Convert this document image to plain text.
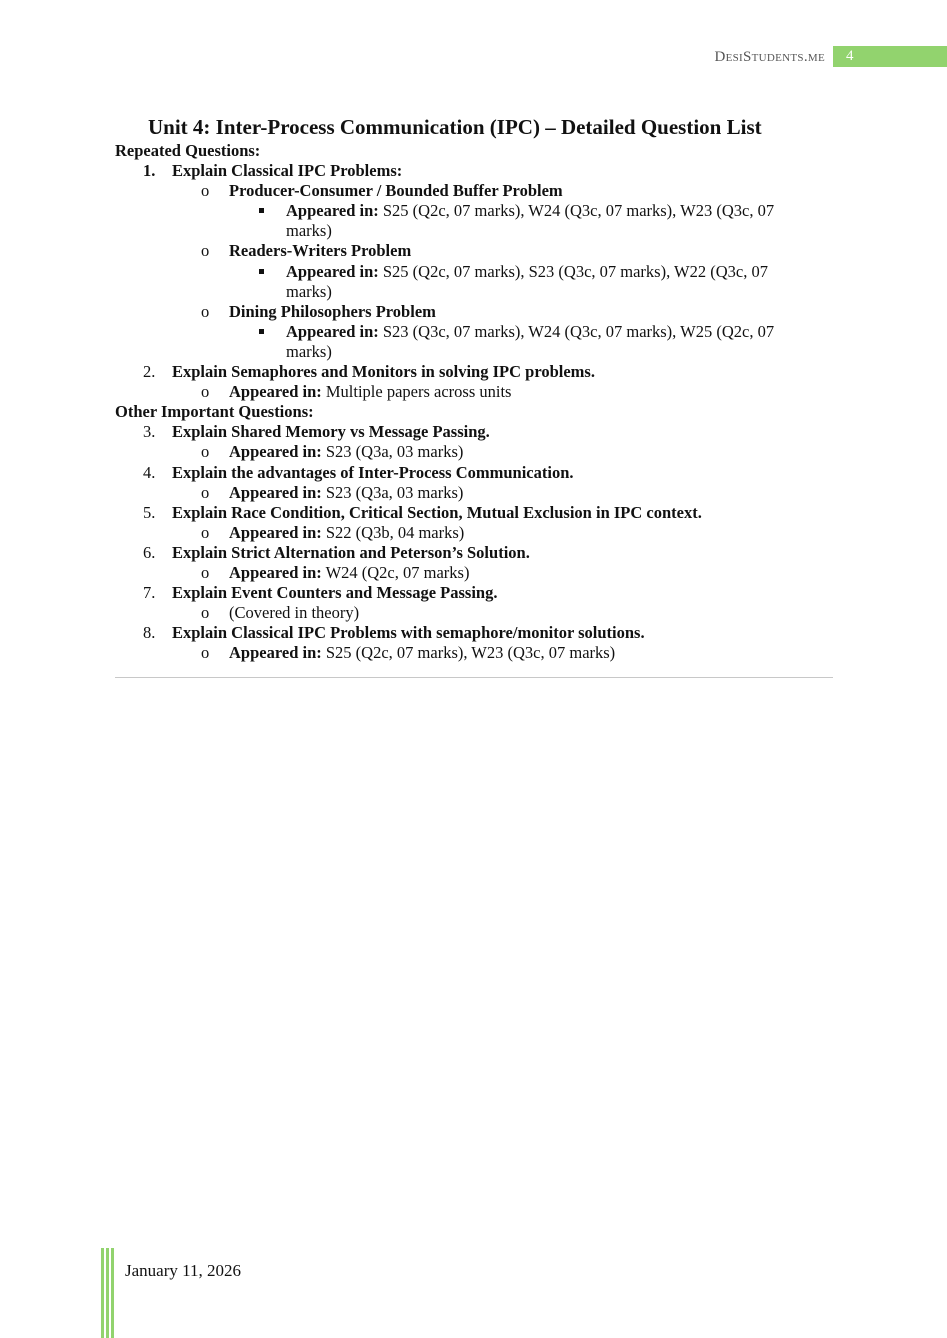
DesiStudents.me	4
Unit 4: Inter-Process Communication (IPC) – Detailed Question List
Repeated Questions:
1. Explain Classical IPC Problems:
o Producer-Consumer / Bounded Buffer Problem
Appeared in: S25 (Q2c, 07 marks), W24 (Q3c, 07 marks), W23 (Q3c, 07 marks)
o Readers-Writers Problem
Appeared in: S25 (Q2c, 07 marks), S23 (Q3c, 07 marks), W22 (Q3c, 07 marks)
o Dining Philosophers Problem
Appeared in: S23 (Q3c, 07 marks), W24 (Q3c, 07 marks), W25 (Q2c, 07 marks)
2. Explain Semaphores and Monitors in solving IPC problems.
o Appeared in: Multiple papers across units
Other Important Questions:
3. Explain Shared Memory vs Message Passing.
o Appeared in: S23 (Q3a, 03 marks)
4. Explain the advantages of Inter-Process Communication.
o Appeared in: S23 (Q3a, 03 marks)
5. Explain Race Condition, Critical Section, Mutual Exclusion in IPC context.
o Appeared in: S22 (Q3b, 04 marks)
6. Explain Strict Alternation and Peterson’s Solution.
o Appeared in: W24 (Q2c, 07 marks)
7. Explain Event Counters and Message Passing.
o (Covered in theory)
8. Explain Classical IPC Problems with semaphore/monitor solutions.
o Appeared in: S25 (Q2c, 07 marks), W23 (Q3c, 07 marks)
January 11, 2026
